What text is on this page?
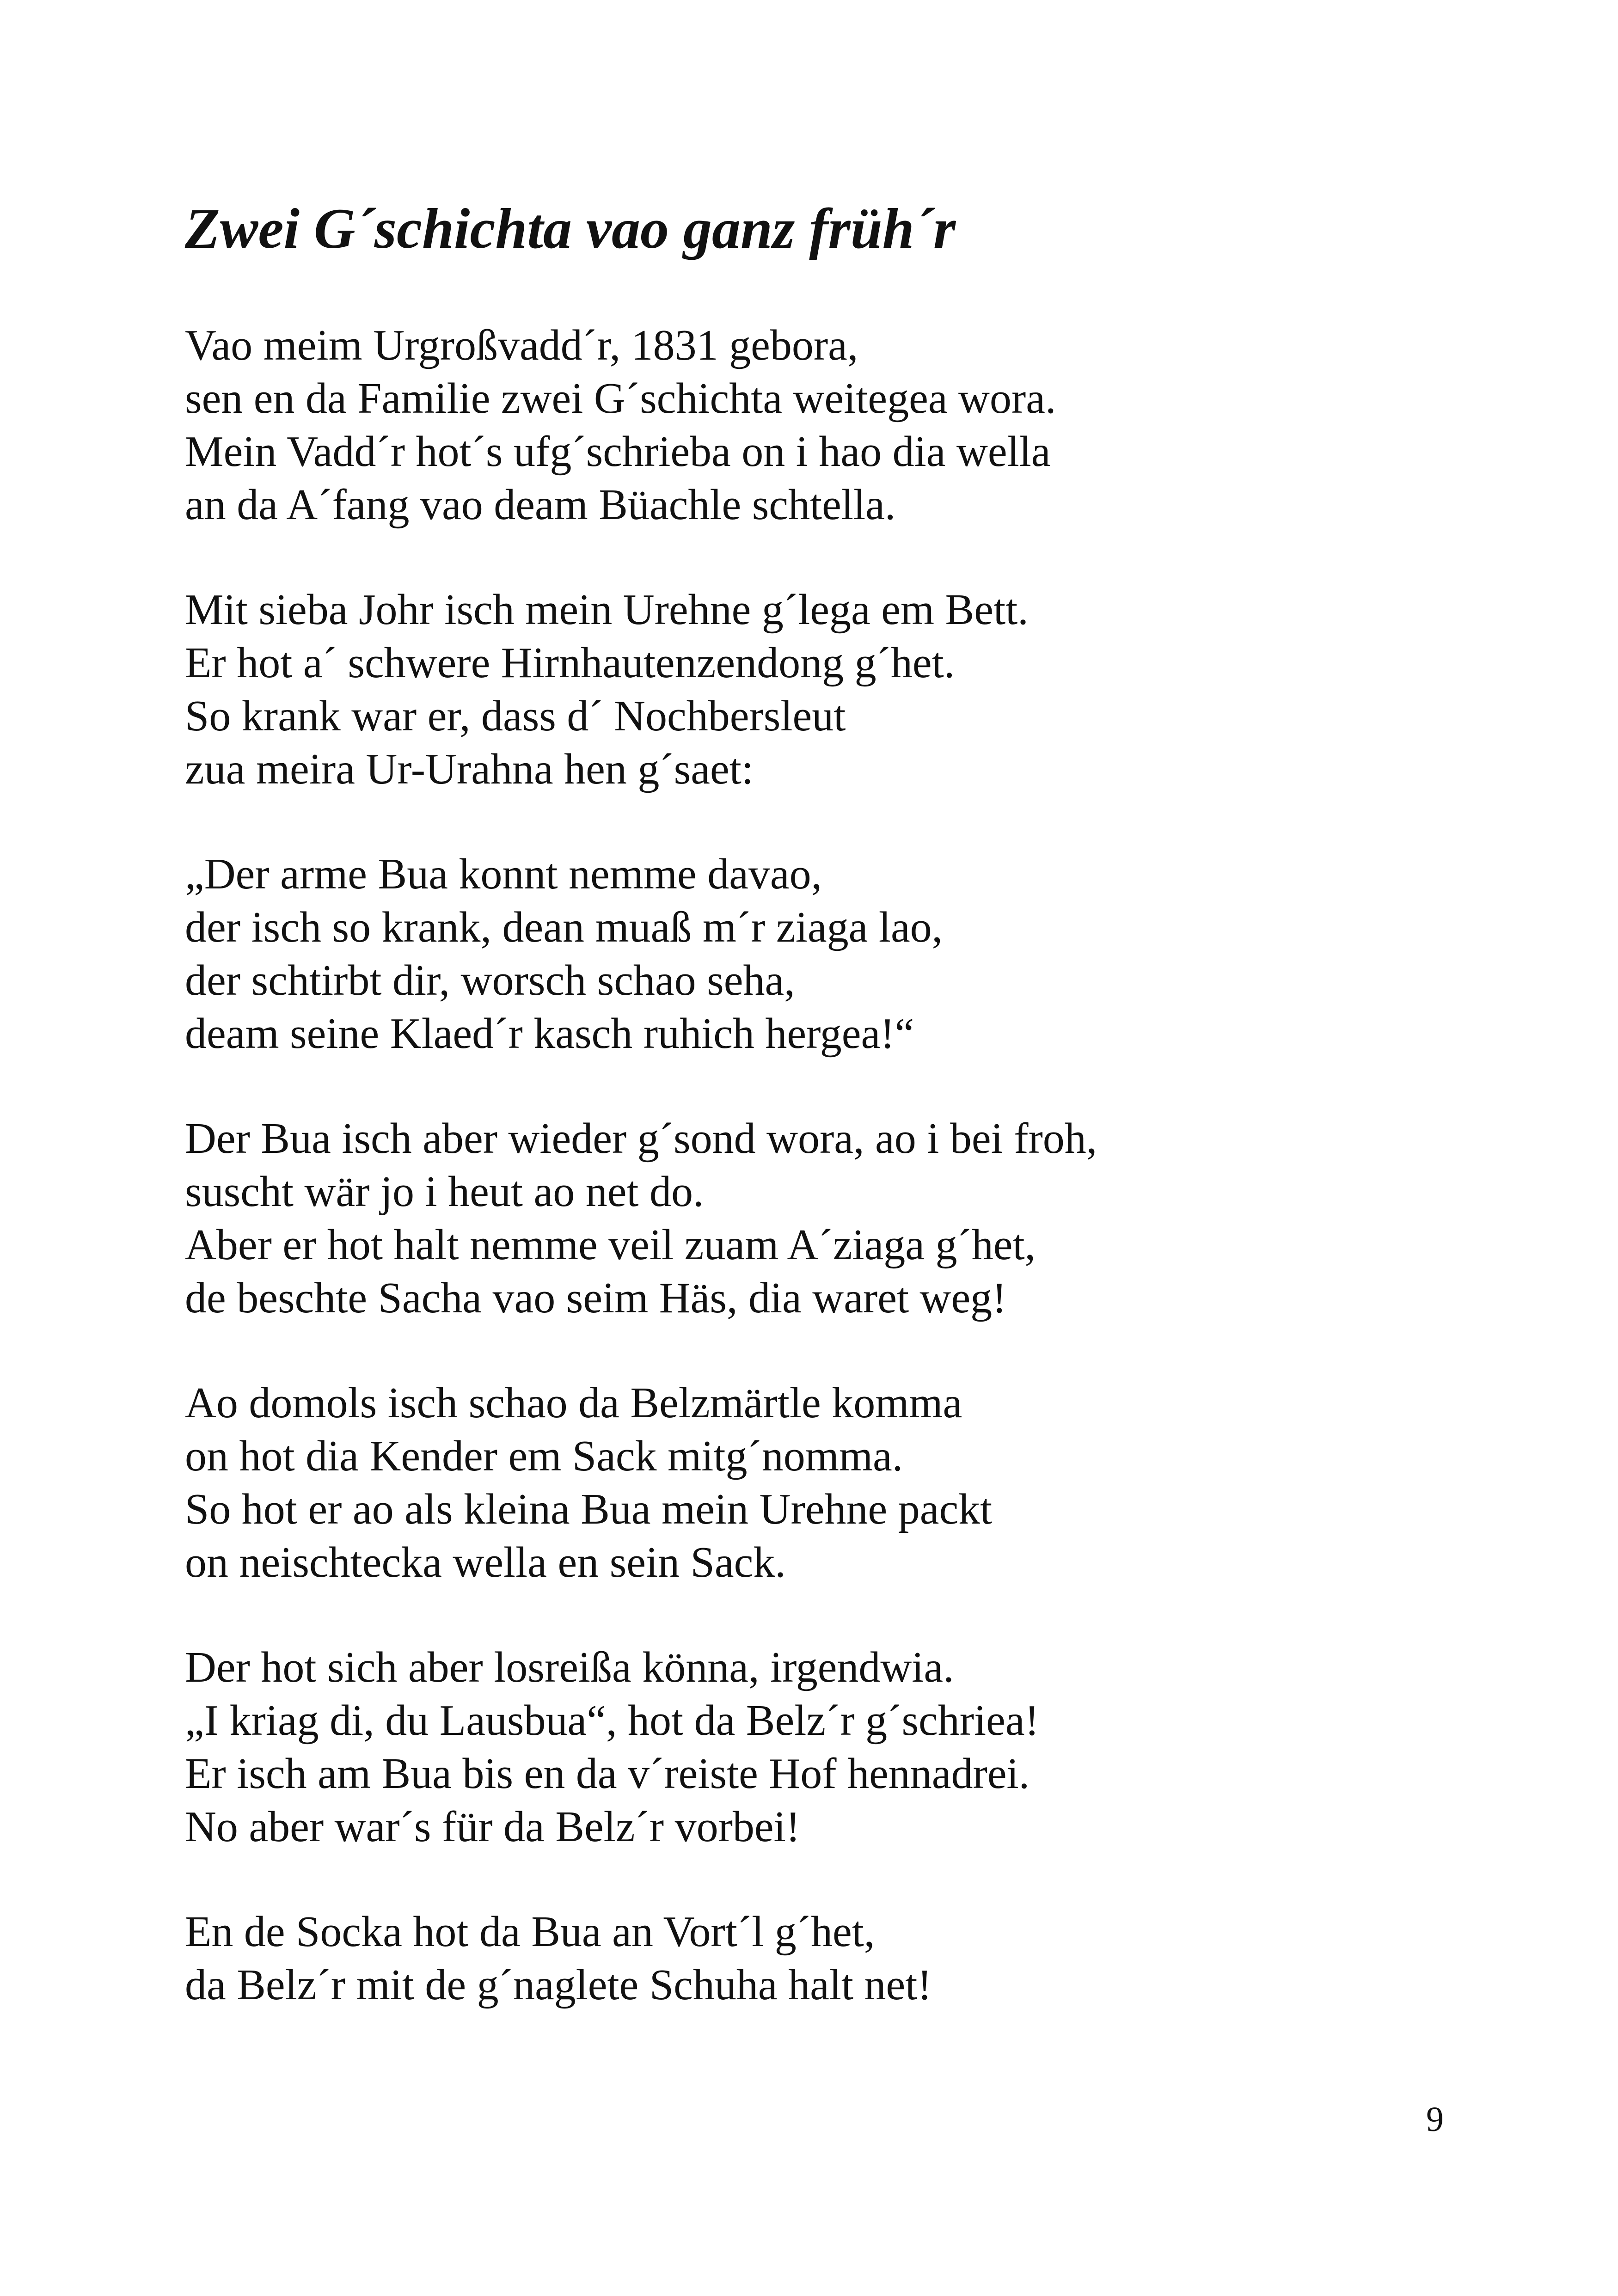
Zwei G´schichta vao ganz früh´r
Vao meim Urgroßvadd´r, 1831 gebora,
sen en da Familie zwei G´schichta weitegea wora.
Mein Vadd´r hot´s ufg´schrieba on i hao dia wella
an da A´fang vao deam Büachle schtella.
Mit sieba Johr isch mein Urehne g´lega em Bett.
Er hot a´ schwere Hirnhautenzendong g´het.
So krank war er, dass d´ Nochbersleut
zua meira Ur-Urahna hen g´saet:
„Der arme Bua konnt nemme davao,
der isch so krank, dean muaß m´r ziaga lao,
der schtirbt dir, worsch schao seha,
deam seine Klaed´r kasch ruhich hergea!“
Der Bua isch aber wieder g´sond wora, ao i bei froh,
suscht wär jo i heut ao net do.
Aber er hot halt nemme veil zuam A´ziaga g´het,
de beschte Sacha vao seim Häs, dia waret weg!
Ao domols isch schao da Belzmärtle komma
on hot dia Kender em Sack mitg´nomma.
So hot er ao als kleina Bua mein Urehne packt
on neischtecka wella en sein Sack.
Der hot sich aber losreißa könna, irgendwia.
„I kriag di, du Lausbua“, hot da Belz´r g´schriea!
Er isch am Bua bis en da v´reiste Hof hennadrei.
No aber war´s für da Belz´r vorbei!
En de Socka hot da Bua an Vort´l g´het,
da Belz´r mit de g´naglete Schuha halt net!
9
